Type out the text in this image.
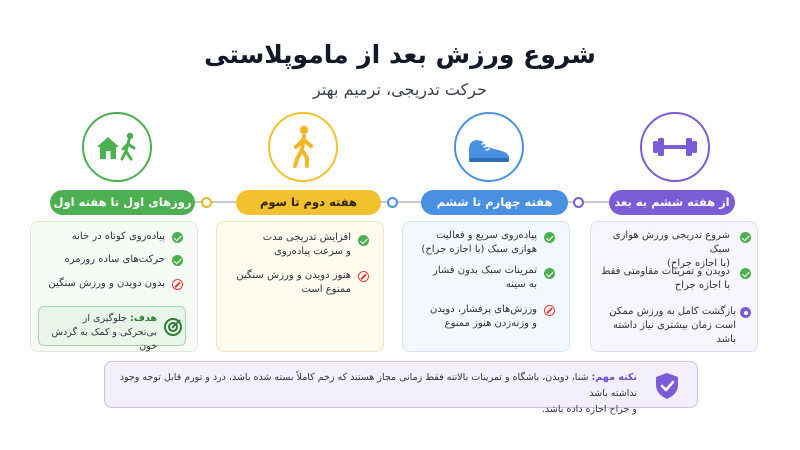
شروع ورزش بعد از ماموپلاستی
حرکت تدریجی، ترمیم بهتر
روزهای اول تا هفته اول	هفته دوم تا سوم	هفته چهارم تا ششم	از هفته ششم به بعد
پیاده‌روی کوتاه در خانه
حرکت‌های ساده روزمره
بدون دویدن و ورزش سنگین
هدف: جلوگیری از بی‌تحرکی و کمک به گردش خون
افزایش تدریجی مدت
و سرعت پیاده‌روی
هنوز دویدن و ورزش سنگین
ممنوع است
پیاده‌روی سریع و فعالیت
هوازی سبک (با اجازه جراح)
تمرینات سبک بدون فشار
به سینه
ورزش‌های پرفشار، دویدن
و وزنه‌زدن هنوز ممنوع
شروع تدریجی ورزش هوازی سبک
(با اجازه جراح)
دویدن و تمرینات مقاومتی فقط
با اجازه جراح
بازگشت کامل به ورزش ممکن
است زمان بیشتری نیاز داشته باشد
نکته مهم: شنا، دویدن، باشگاه و تمرینات بالاتنه فقط زمانی مجاز هستند که زخم کاملاً بسته شده باشد، درد و تورم قابل توجه وجود نداشته باشد
و جراح اجازه داده باشد.
